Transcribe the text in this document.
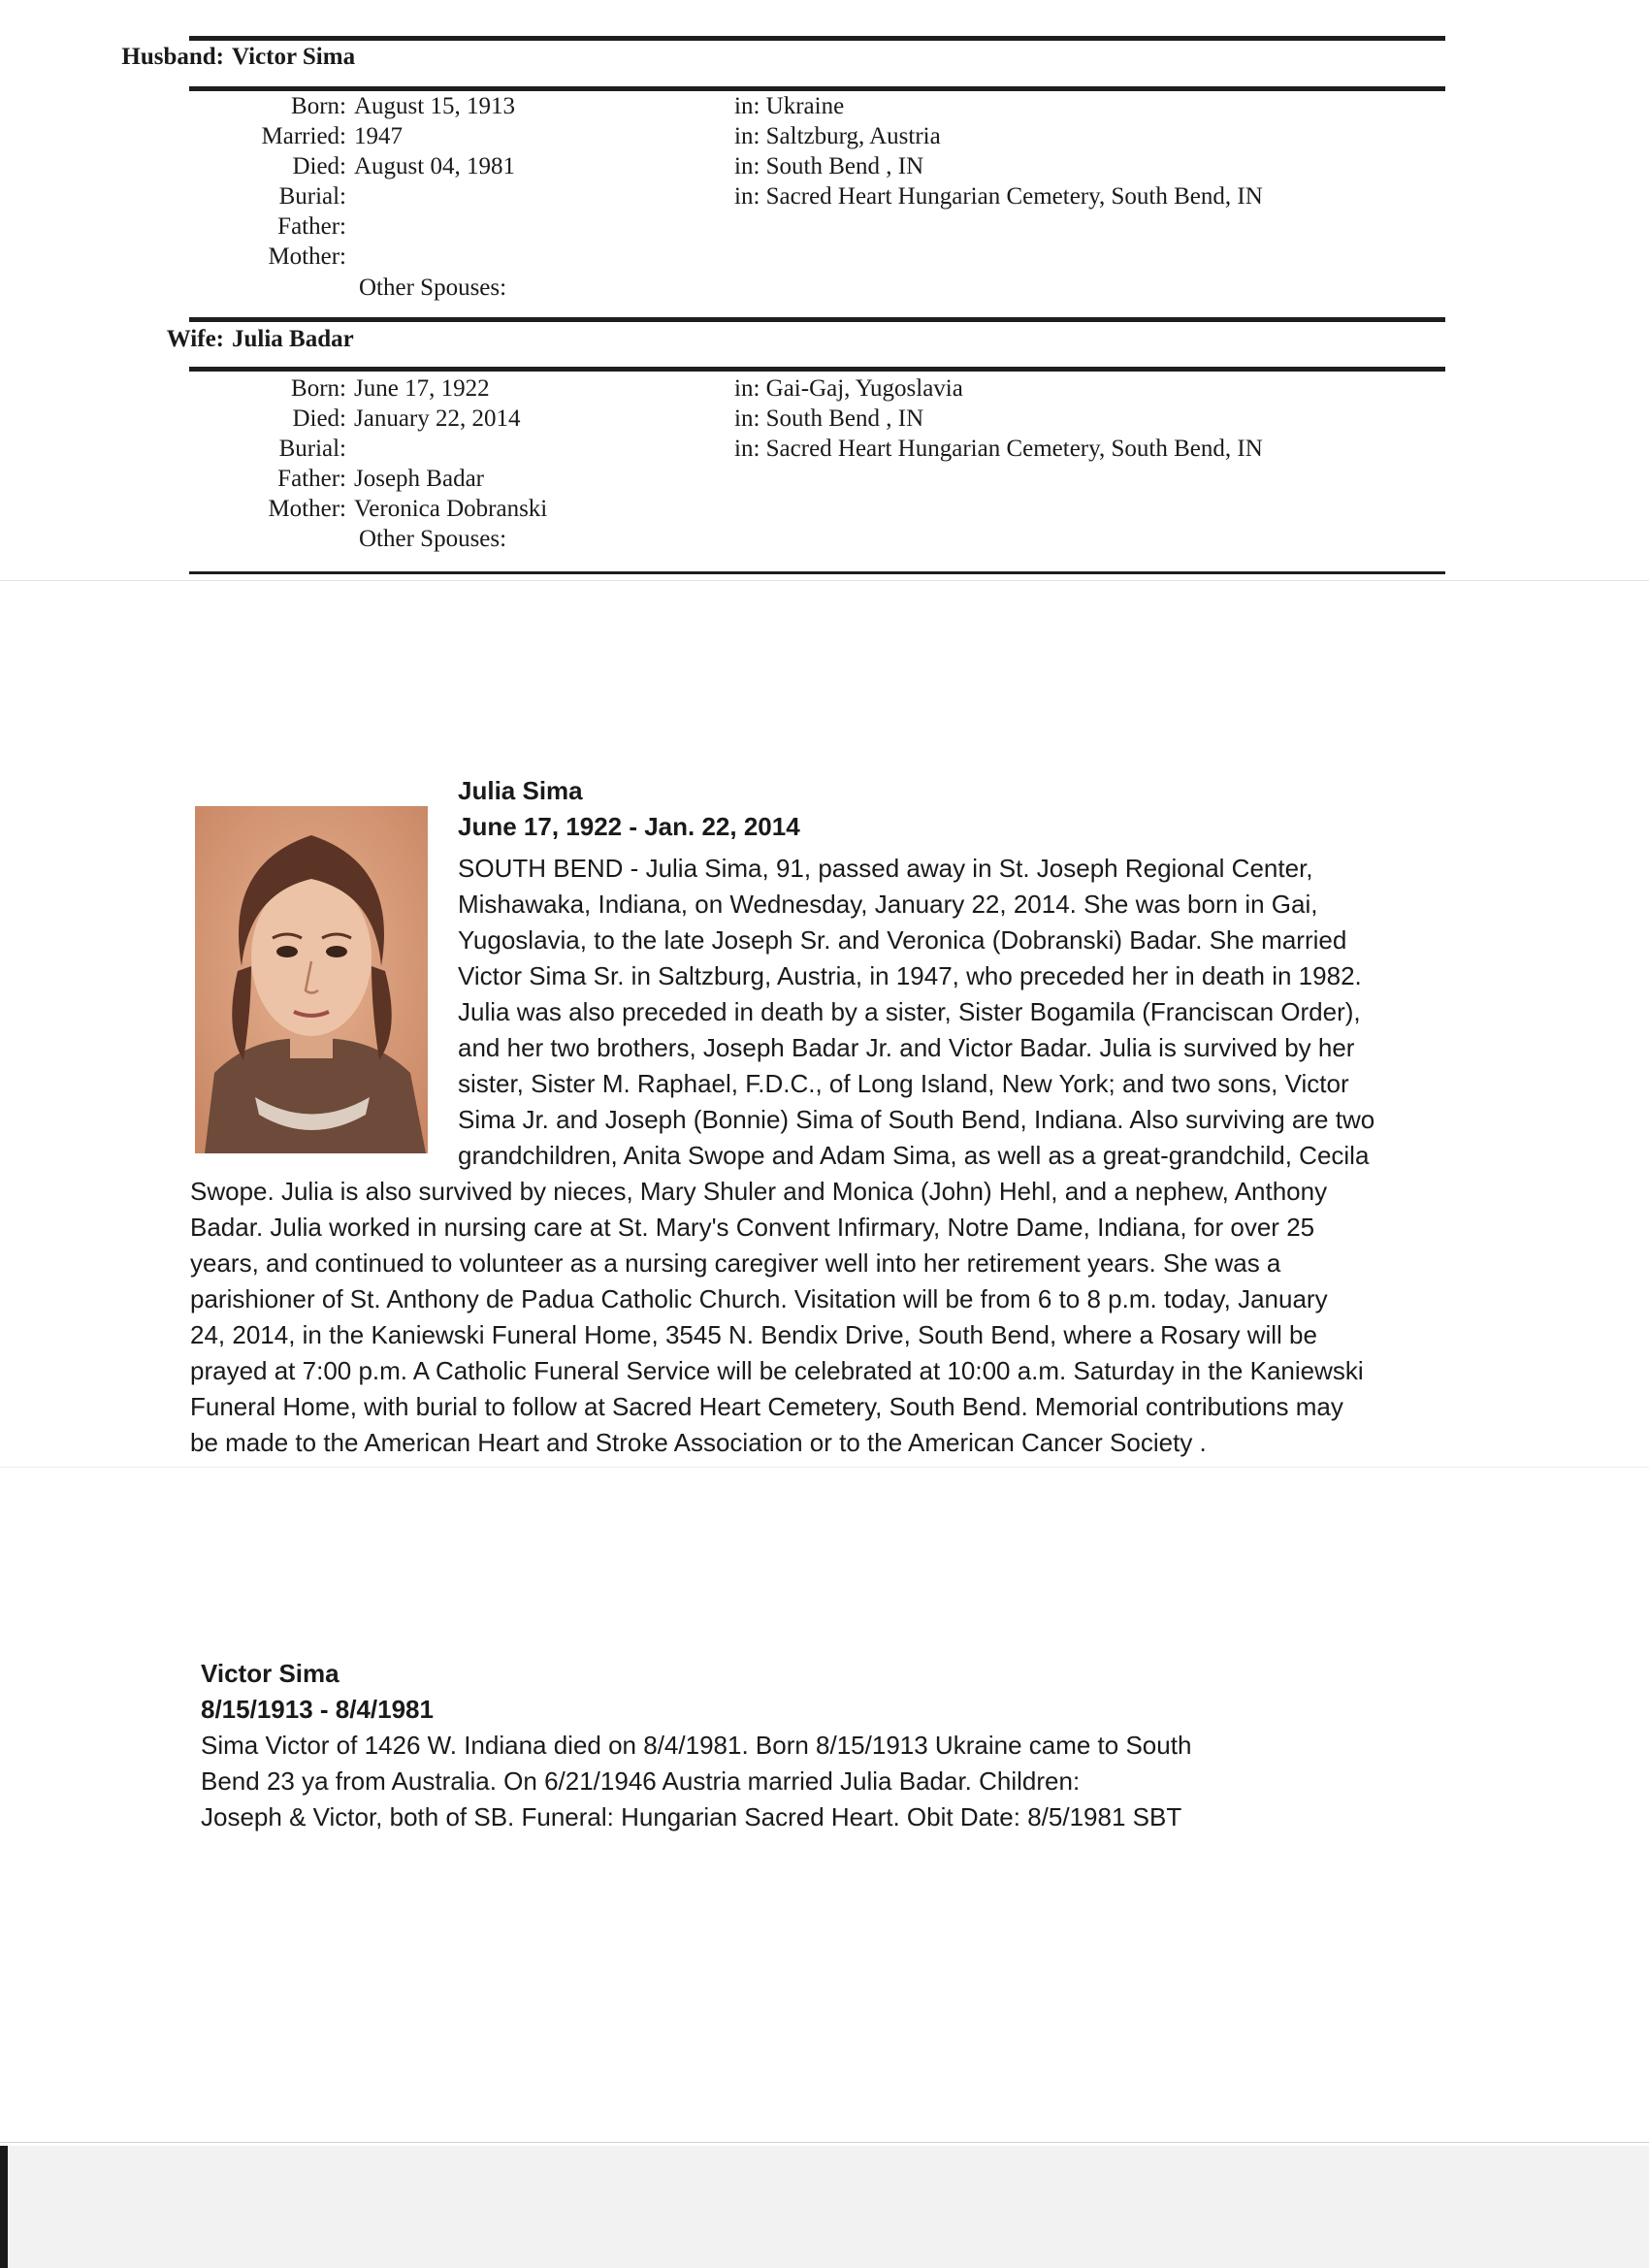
Husband: Victor Sima
Born: August 15, 1913	in: Ukraine
Married: 1947	in: Saltzburg, Austria
Died: August 04, 1981	in: South Bend , IN
Burial:	in: Sacred Heart Hungarian Cemetery, South Bend, IN
Father:
Mother:
Other Spouses:
Wife: Julia Badar
Born: June 17, 1922	in: Gai-Gaj, Yugoslavia
Died: January 22, 2014	in: South Bend , IN
Burial:	in: Sacred Heart Hungarian Cemetery, South Bend, IN
Father: Joseph Badar
Mother: Veronica Dobranski
Other Spouses:
Julia Sima
June 17, 1922 - Jan. 22, 2014
SOUTH BEND - Julia Sima, 91, passed away in St. Joseph Regional Center,
Mishawaka, Indiana, on Wednesday, January 22, 2014. She was born in Gai,
Yugoslavia, to the late Joseph Sr. and Veronica (Dobranski) Badar. She married
Victor Sima Sr. in Saltzburg, Austria, in 1947, who preceded her in death in 1982.
Julia was also preceded in death by a sister, Sister Bogamila (Franciscan Order),
and her two brothers, Joseph Badar Jr. and Victor Badar. Julia is survived by her
sister, Sister M. Raphael, F.D.C., of Long Island, New York; and two sons, Victor
Sima Jr. and Joseph (Bonnie) Sima of South Bend, Indiana. Also surviving are two
grandchildren, Anita Swope and Adam Sima, as well as a great-grandchild, Cecila
Swope. Julia is also survived by nieces, Mary Shuler and Monica (John) Hehl, and a nephew, Anthony
Badar. Julia worked in nursing care at St. Mary's Convent Infirmary, Notre Dame, Indiana, for over 25
years, and continued to volunteer as a nursing caregiver well into her retirement years. She was a
parishioner of St. Anthony de Padua Catholic Church. Visitation will be from 6 to 8 p.m. today, January
24, 2014, in the Kaniewski Funeral Home, 3545 N. Bendix Drive, South Bend, where a Rosary will be
prayed at 7:00 p.m. A Catholic Funeral Service will be celebrated at 10:00 a.m. Saturday in the Kaniewski
Funeral Home, with burial to follow at Sacred Heart Cemetery, South Bend. Memorial contributions may
be made to the American Heart and Stroke Association or to the American Cancer Society .
Victor Sima
8/15/1913 - 8/4/1981
Sima Victor of 1426 W. Indiana died on 8/4/1981. Born 8/15/1913 Ukraine came to South
Bend 23 ya from Australia. On 6/21/1946 Austria married Julia Badar. Children:
Joseph & Victor, both of SB. Funeral: Hungarian Sacred Heart. Obit Date: 8/5/1981 SBT
